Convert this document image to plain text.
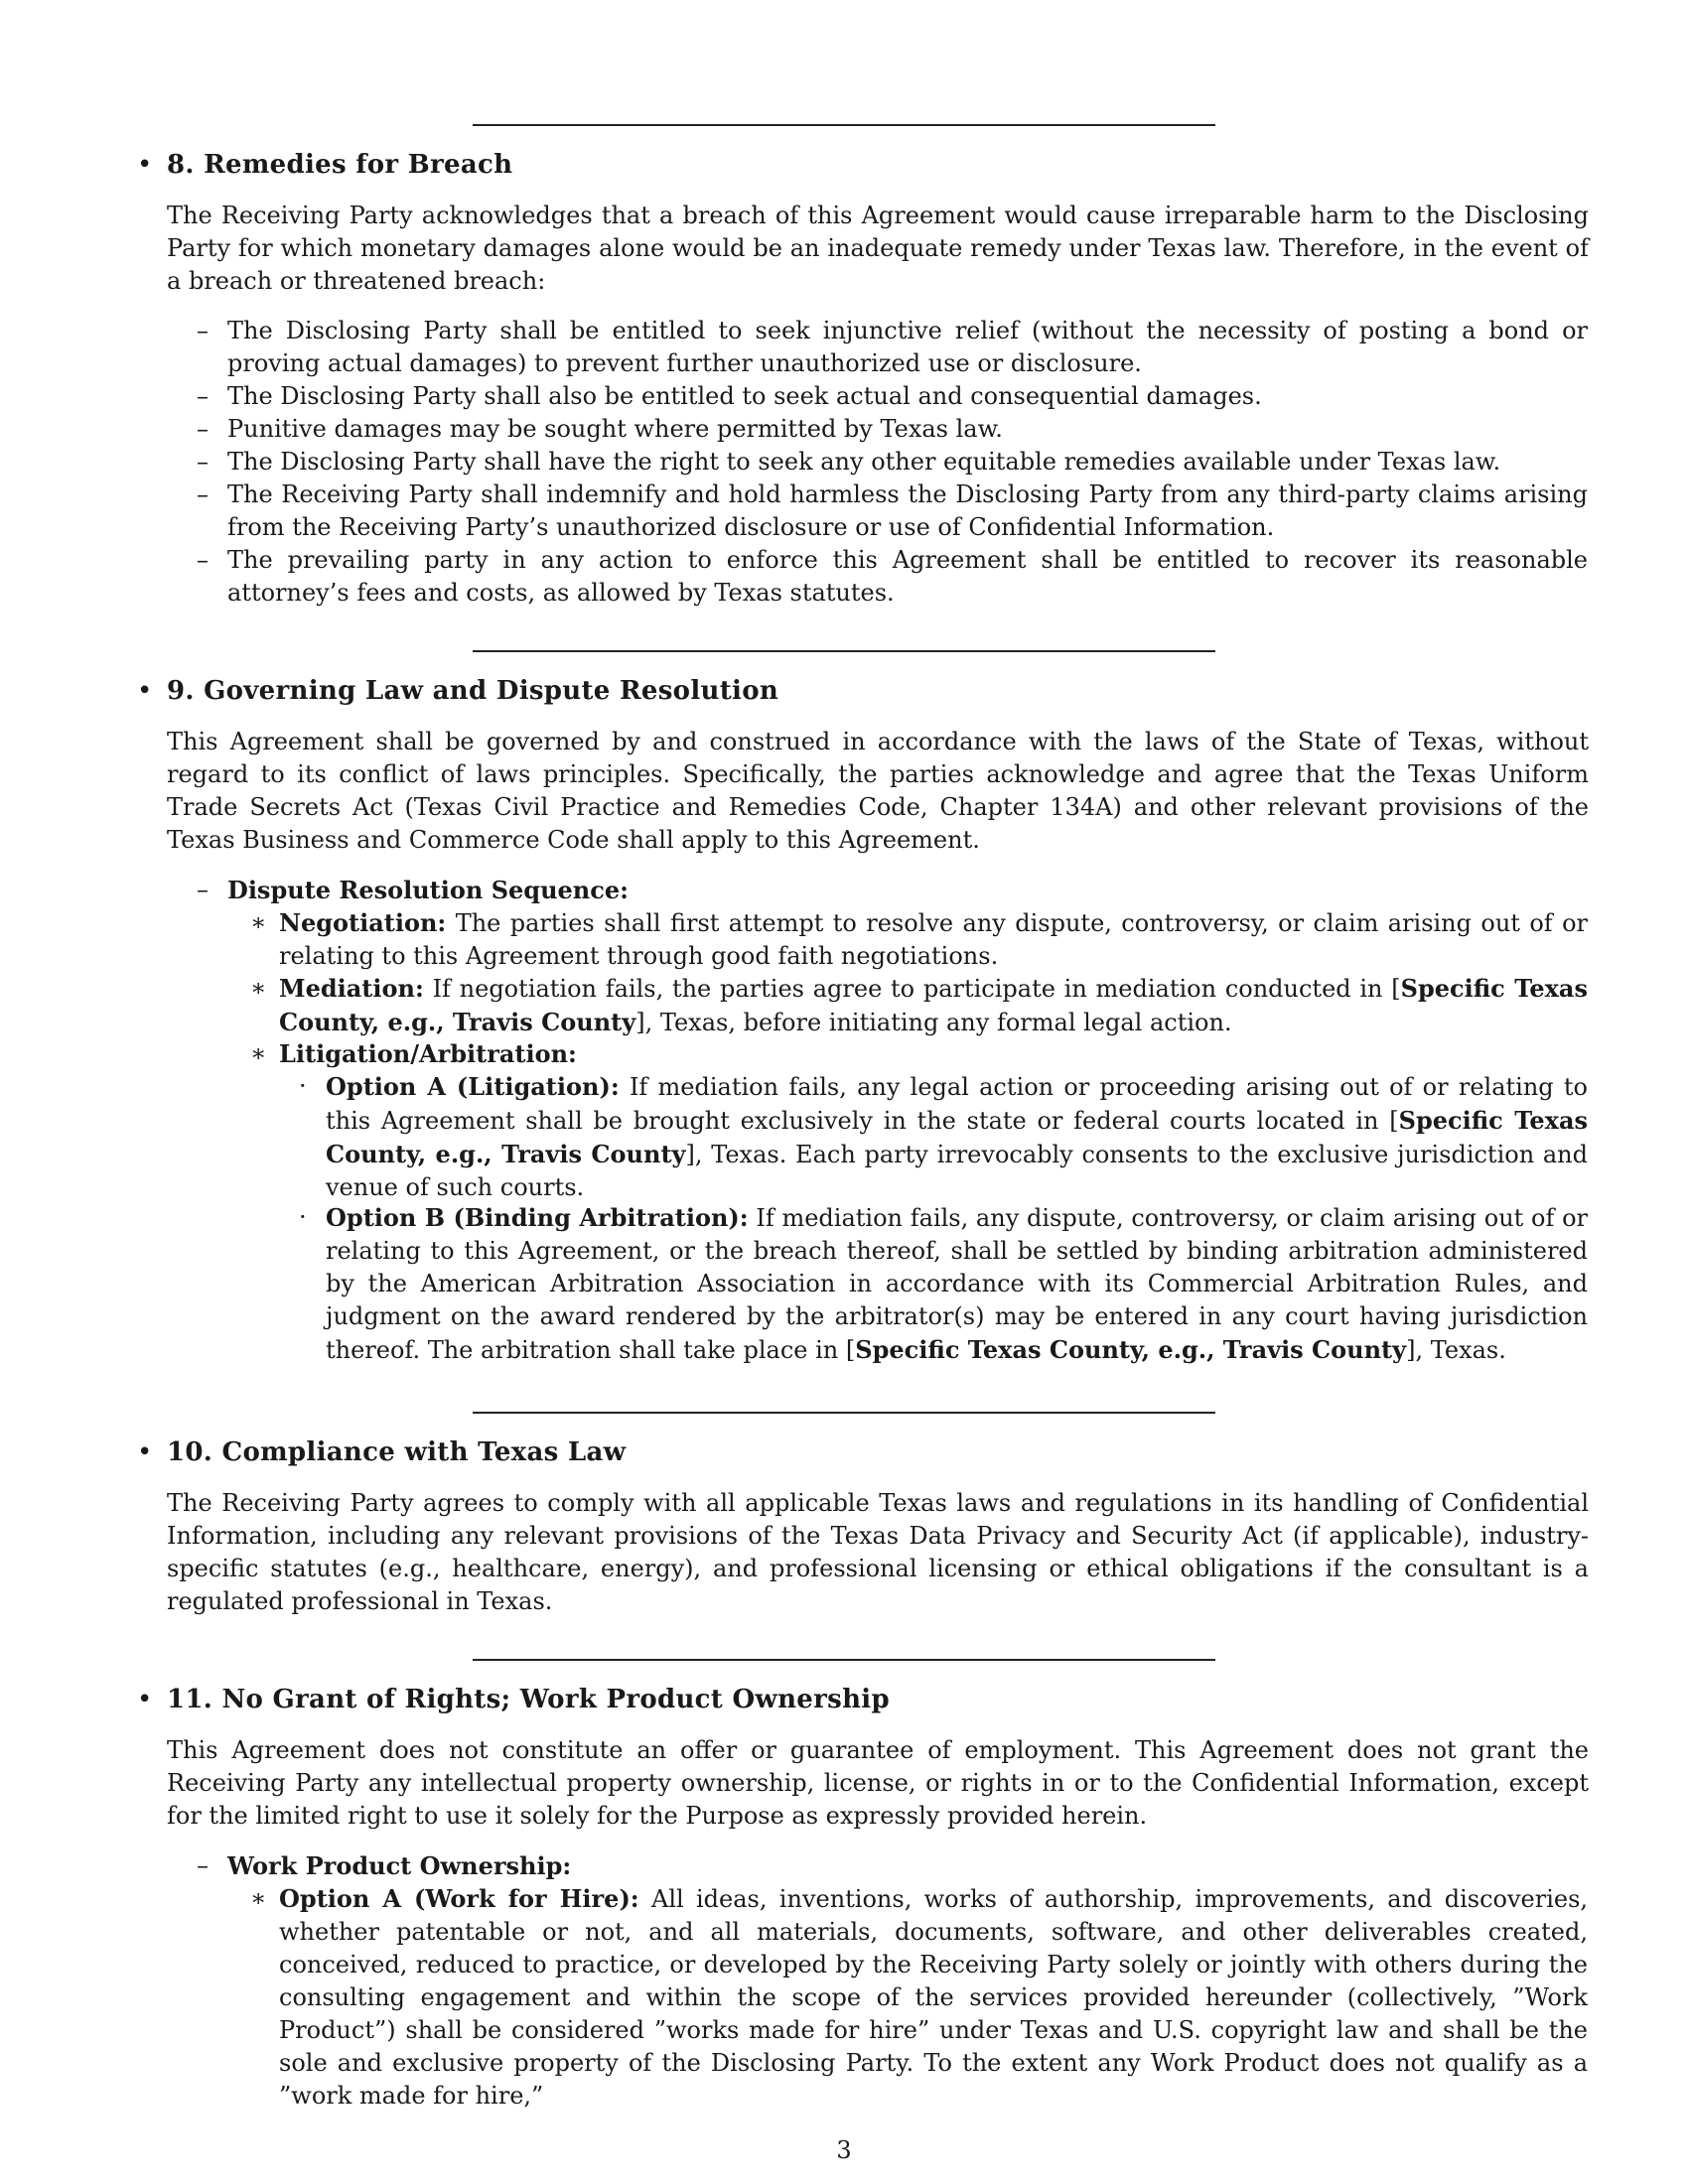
• 8. Remedies for Breach
The Receiving Party acknowledges that a breach of this Agreement would cause irreparable harm to the Disclosing Party for which monetary damages alone would be an inadequate remedy under Texas law. Therefore, in the event of a breach or threatened breach:
– The Disclosing Party shall be entitled to seek injunctive relief (without the necessity of posting a bond or proving actual damages) to prevent further unauthorized use or disclosure.
– The Disclosing Party shall also be entitled to seek actual and consequential damages.
– Punitive damages may be sought where permitted by Texas law.
– The Disclosing Party shall have the right to seek any other equitable remedies available under Texas law.
– The Receiving Party shall indemnify and hold harmless the Disclosing Party from any third-party claims arising from the Receiving Party’s unauthorized disclosure or use of Confidential Information.
– The prevailing party in any action to enforce this Agreement shall be entitled to recover its reasonable attorney’s fees and costs, as allowed by Texas statutes.
• 9. Governing Law and Dispute Resolution
This Agreement shall be governed by and construed in accordance with the laws of the State of Texas, without regard to its conflict of laws principles. Specifically, the parties acknowledge and agree that the Texas Uniform Trade Secrets Act (Texas Civil Practice and Remedies Code, Chapter 134A) and other relevant provisions of the Texas Business and Commerce Code shall apply to this Agreement.
– Dispute Resolution Sequence:
∗ Negotiation: The parties shall first attempt to resolve any dispute, controversy, or claim arising out of or relating to this Agreement through good faith negotiations.
∗ Mediation: If negotiation fails, the parties agree to participate in mediation conducted in [Specific Texas County, e.g., Travis County], Texas, before initiating any formal legal action.
∗ Litigation/Arbitration:
· Option A (Litigation): If mediation fails, any legal action or proceeding arising out of or relating to this Agreement shall be brought exclusively in the state or federal courts located in [Specific Texas County, e.g., Travis County], Texas. Each party irrevocably consents to the exclusive jurisdiction and venue of such courts.
· Option B (Binding Arbitration): If mediation fails, any dispute, controversy, or claim arising out of or relating to this Agreement, or the breach thereof, shall be settled by binding arbitration administered by the American Arbitration Association in accordance with its Commercial Arbitration Rules, and judgment on the award rendered by the arbitrator(s) may be entered in any court having jurisdiction thereof. The arbitration shall take place in [Specific Texas County, e.g., Travis County], Texas.
• 10. Compliance with Texas Law
The Receiving Party agrees to comply with all applicable Texas laws and regulations in its handling of Confidential Information, including any relevant provisions of the Texas Data Privacy and Security Act (if applicable), industry-specific statutes (e.g., healthcare, energy), and professional licensing or ethical obligations if the consultant is a regulated professional in Texas.
• 11. No Grant of Rights; Work Product Ownership
This Agreement does not constitute an offer or guarantee of employment. This Agreement does not grant the Receiving Party any intellectual property ownership, license, or rights in or to the Confidential Information, except for the limited right to use it solely for the Purpose as expressly provided herein.
– Work Product Ownership:
∗ Option A (Work for Hire): All ideas, inventions, works of authorship, improvements, and discoveries, whether patentable or not, and all materials, documents, software, and other deliverables created, conceived, reduced to practice, or developed by the Receiving Party solely or jointly with others during the consulting engagement and within the scope of the services provided hereunder (collectively, ”Work Product”) shall be considered ”works made for hire” under Texas and U.S. copyright law and shall be the sole and exclusive property of the Disclosing Party. To the extent any Work Product does not qualify as a ”work made for hire,”
3
